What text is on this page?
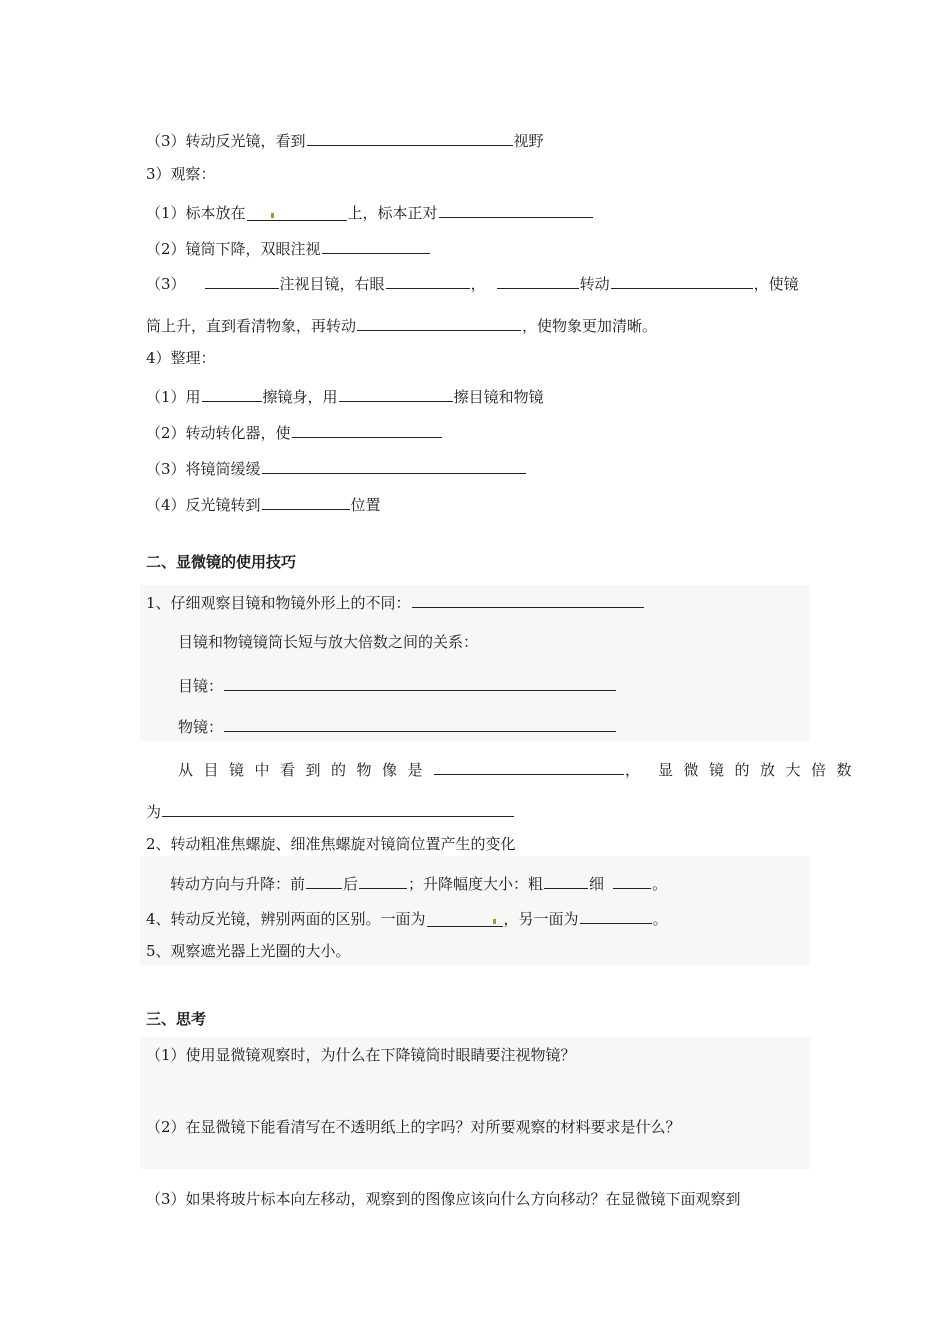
（3）转动反光镜，看到	视野
3）观察：
（1）标本放在	上，标本正对
（2）镜筒下降，双眼注视
（3）	注视目镜，右眼	，	转动	，使镜
筒上升，直到看清物象，再转动	，使物象更加清晰。
4）整理：
（1）用	擦镜身，用	擦目镜和物镜
（2）转动转化器，使
（3）将镜筒缓缓
（4）反光镜转到	位置
二、显微镜的使用技巧
1、仔细观察目镜和物镜外形上的不同：
目镜和物镜镜筒长短与放大倍数之间的关系：
目镜：
物镜：
从目镜中看到的物像是	， 显微镜的放大倍数
为
2、转动粗准焦螺旋、细准焦螺旋对镜筒位置产生的变化
转动方向与升降：前	后	；升降幅度大小：粗	细	。
4、转动反光镜，辨别两面的区别。一面为	，另一面为	。
5、观察遮光器上光圈的大小。
三、思考
（1）使用显微镜观察时，为什么在下降镜筒时眼睛要注视物镜？
（2）在显微镜下能看清写在不透明纸上的字吗？对所要观察的材料要求是什么？
（3）如果将玻片标本向左移动，观察到的图像应该向什么方向移动？在显微镜下面观察到
